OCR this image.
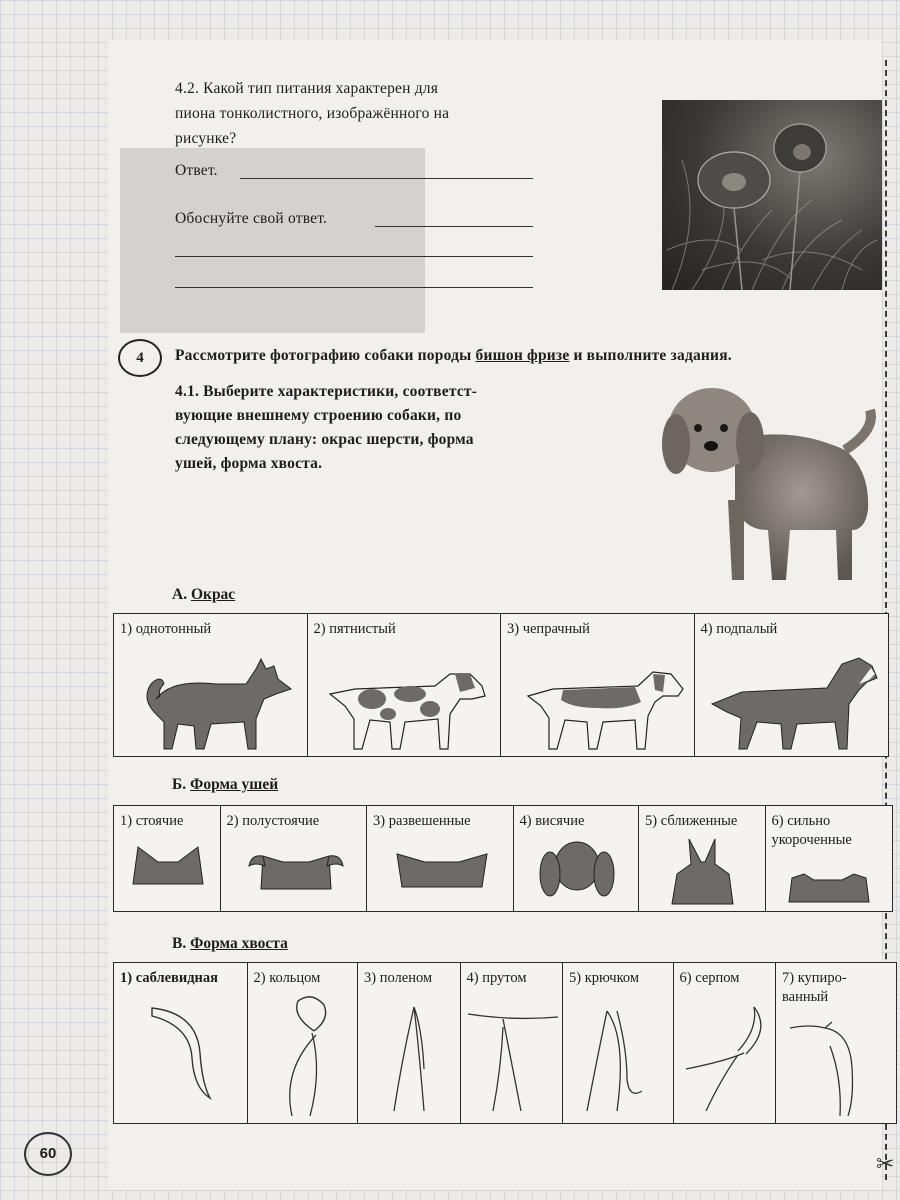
✂
4.2. Какой тип питания характерен для
пиона тонколистного, изображённого на
рисунке?
Ответ.
Обоснуйте свой ответ.
4	Рассмотрите фотографию собаки породы бишон фризе и выполните задания.
4.1. Выберите характеристики, соответст-
вующие внешнему строению собаки, по
следующему плану: окрас шерсти, форма
ушей, форма хвоста.
А. Окрас
1) однотонный	2) пятнистый	3) чепрачный	4) подпалый
Б. Форма ушей
1) стоячие	2) полустоячие	3) развешенные	4) висячие	5) сближенные 6) сильно
укороченные
В. Форма хвоста
1) саблевидная 2) кольцом	3) поленом 4) прутом	5) крючком	6) серпом	7) купиро-
ванный
60
